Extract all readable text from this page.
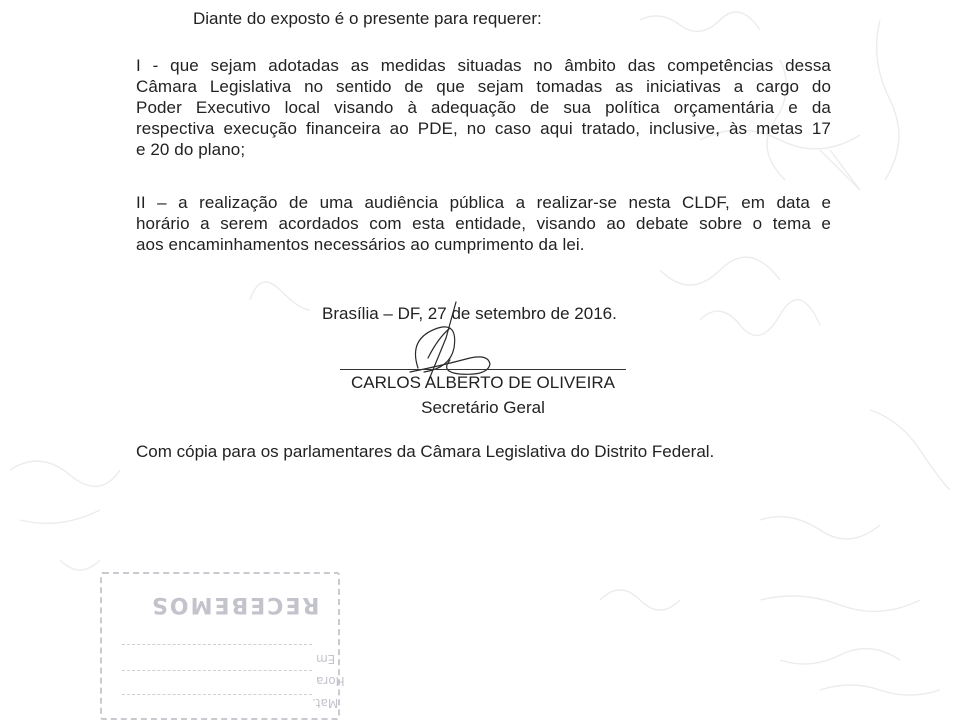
Diante do exposto é o presente para requerer:
I - que sejam adotadas as medidas situadas no âmbito das competências dessa
Câmara Legislativa no sentido de que sejam tomadas as iniciativas a cargo do
Poder Executivo local visando à adequação de sua política orçamentária e da
respectiva execução financeira ao PDE, no caso aqui tratado, inclusive, às metas 17
e 20 do plano;
II – a realização de uma audiência pública a realizar-se nesta CLDF, em data e
horário a serem acordados com esta entidade, visando ao debate sobre o tema e
aos encaminhamentos necessários ao cumprimento da lei.
Brasília – DF, 27 de setembro de 2016.
CARLOS ALBERTO DE OLIVEIRA
Secretário Geral
Com cópia para os parlamentares da Câmara Legislativa do Distrito Federal.
RECEBEMOS
Em
Hora
Mat.
